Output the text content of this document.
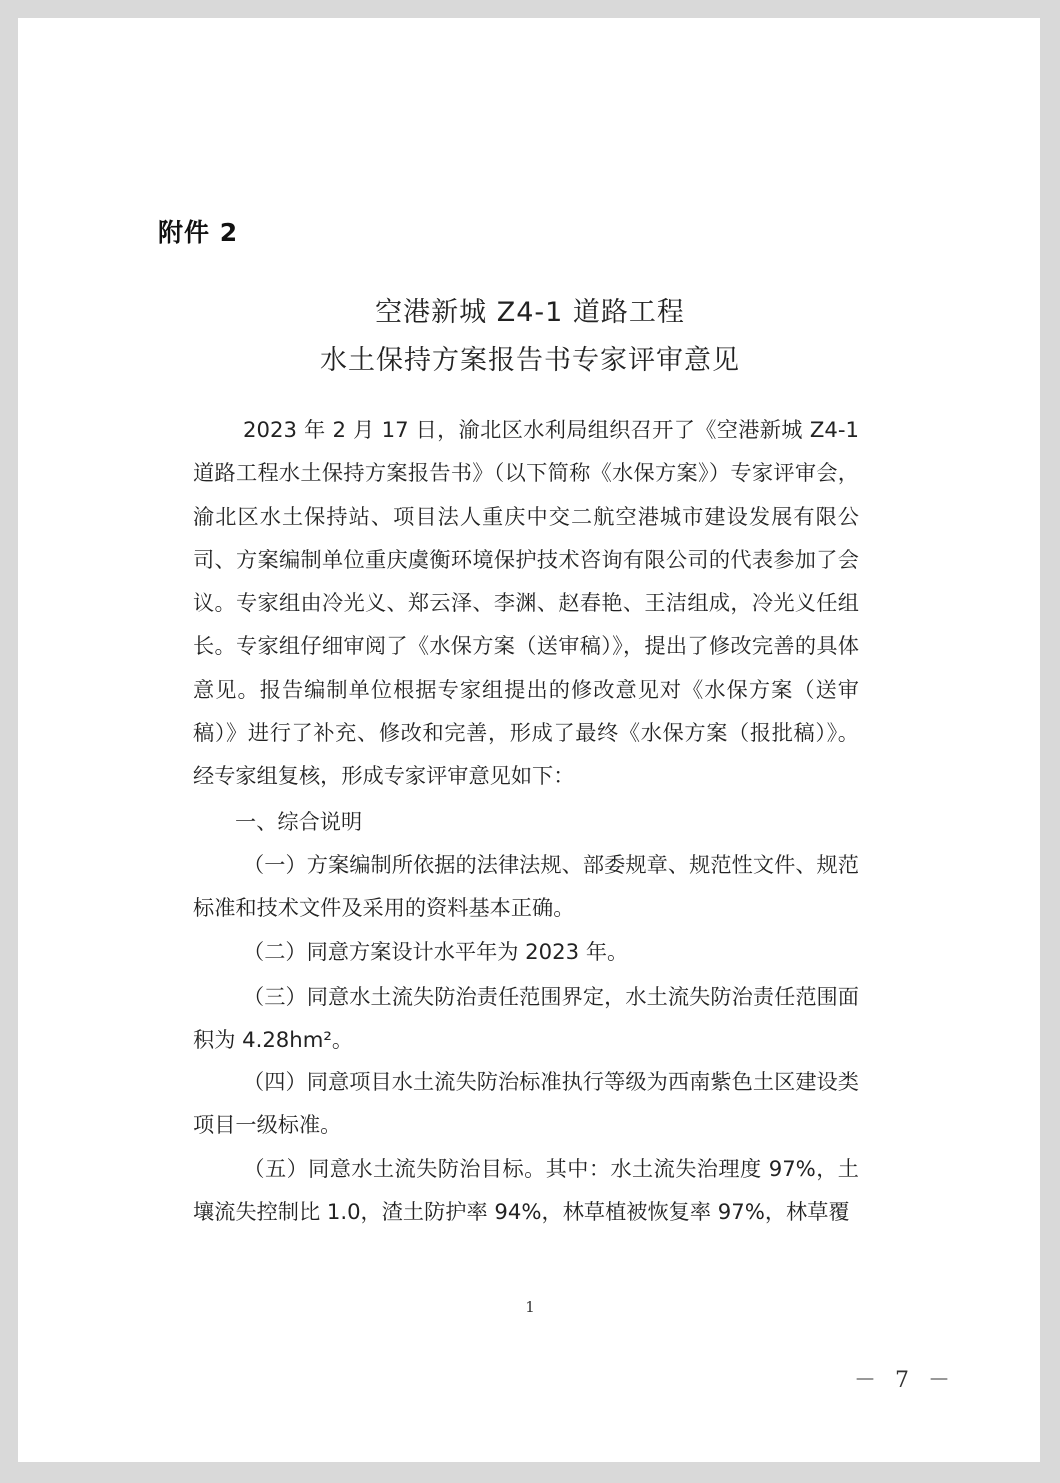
附件 2
空港新城 Z4-1 道路工程
水土保持方案报告书专家评审意见

2023 年 2 月 17 日，渝北区水利局组织召开了《空港新城 Z4-1 道路工程水土保持方案报告书》（以下简称《水保方案》）专家评审会，渝北区水土保持站、项目法人重庆中交二航空港城市建设发展有限公司、方案编制单位重庆虞衡环境保护技术咨询有限公司的代表参加了会议。专家组由冷光义、郑云泽、李渊、赵春艳、王洁组成，冷光义任组长。专家组仔细审阅了《水保方案（送审稿）》，提出了修改完善的具体意见。报告编制单位根据专家组提出的修改意见对《水保方案（送审稿）》进行了补充、修改和完善，形成了最终《水保方案（报批稿）》。经专家组复核，形成专家评审意见如下：

一、综合说明

（一）方案编制所依据的法律法规、部委规章、规范性文件、规范标准和技术文件及采用的资料基本正确。

（二）同意方案设计水平年为 2023 年。

（三）同意水土流失防治责任范围界定，水土流失防治责任范围面积为 4.28hm²。

（四）同意项目水土流失防治标准执行等级为西南紫色土区建设类项目一级标准。

（五）同意水土流失防治目标。其中：水土流失治理度 97%，土壤流失控制比 1.0，渣土防护率 94%，林草植被恢复率 97%，林草覆

1
－ 7 －
